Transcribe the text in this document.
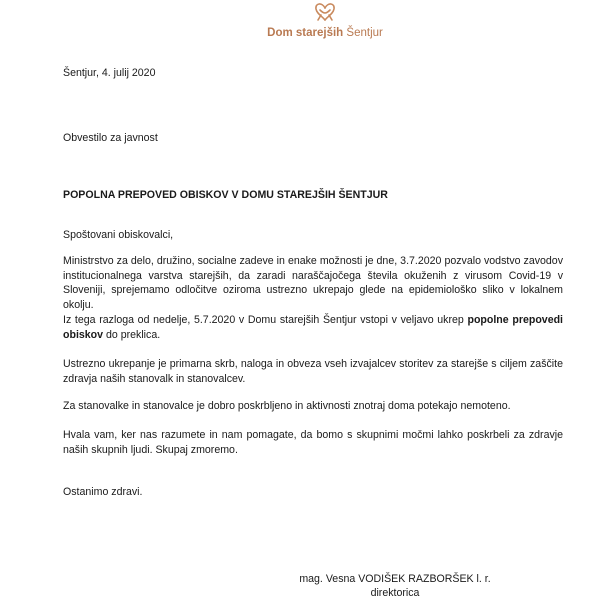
Dom starejših Šentjur

Šentjur, 4. julij 2020

Obvestilo za javnost

POPOLNA PREPOVED OBISKOV V DOMU STAREJŠIH ŠENTJUR

Spoštovani obiskovalci,

Ministrstvo za delo, družino, socialne zadeve in enake možnosti je dne, 3.7.2020 pozvalo vodstvo zavodov institucionalnega varstva starejših, da zaradi naraščajočega števila okuženih z virusom Covid-19 v Sloveniji, sprejemamo odločitve oziroma ustrezno ukrepajo glede na epidemiološko sliko v lokalnem okolju.

Iz tega razloga od nedelje, 5.7.2020 v Domu starejših Šentjur vstopi v veljavo ukrep popolne prepovedi obiskov do preklica.

Ustrezno ukrepanje je primarna skrb, naloga in obveza vseh izvajalcev storitev za starejše s ciljem zaščite zdravja naših stanovalk in stanovalcev.

Za stanovalke in stanovalce je dobro poskrbljeno in aktivnosti znotraj doma potekajo nemoteno.

Hvala vam, ker nas razumete in nam pomagate, da bomo s skupnimi močmi lahko poskrbeli za zdravje naših skupnih ljudi. Skupaj zmoremo.

Ostanimo zdravi.

mag. Vesna VODIŠEK RAZBORŠEK l. r.
direktorica
